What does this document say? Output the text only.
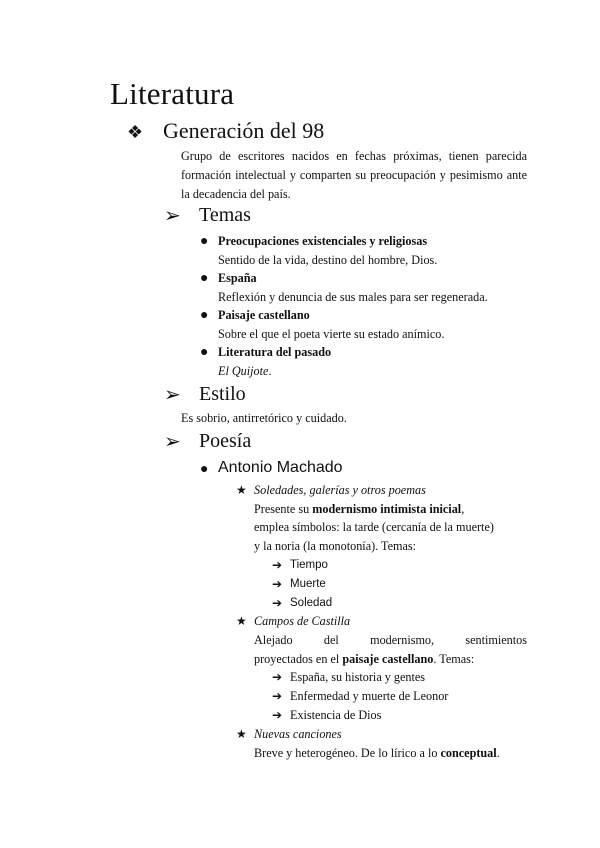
Literatura
❖ Generación del 98
Grupo de escritores nacidos en fechas próximas, tienen parecida formación intelectual y comparten su preocupación y pesimismo ante la decadencia del país.
➢ Temas
● Preocupaciones existenciales y religiosas
Sentido de la vida, destino del hombre, Dios.
● España
Reflexión y denuncia de sus males para ser regenerada.
● Paisaje castellano
Sobre el que el poeta vierte su estado anímico.
● Literatura del pasado
El Quijote.
➢ Estilo
Es sobrio, antirretórico y cuidado.
➢ Poesía
● Antonio Machado
★ Soledades, galerías y otros poemas
Presente su modernismo intimista inicial,
emplea símbolos: la tarde (cercanía de la muerte)
y la noria (la monotonía). Temas:
➔ Tiempo
➔ Muerte
➔ Soledad
★ Campos de Castilla
Alejado del modernismo, sentimientos
proyectados en el paisaje castellano. Temas:
➔ España, su historia y gentes
➔ Enfermedad y muerte de Leonor
➔ Existencia de Dios
★ Nuevas canciones
Breve y heterogéneo. De lo lírico a lo conceptual.
